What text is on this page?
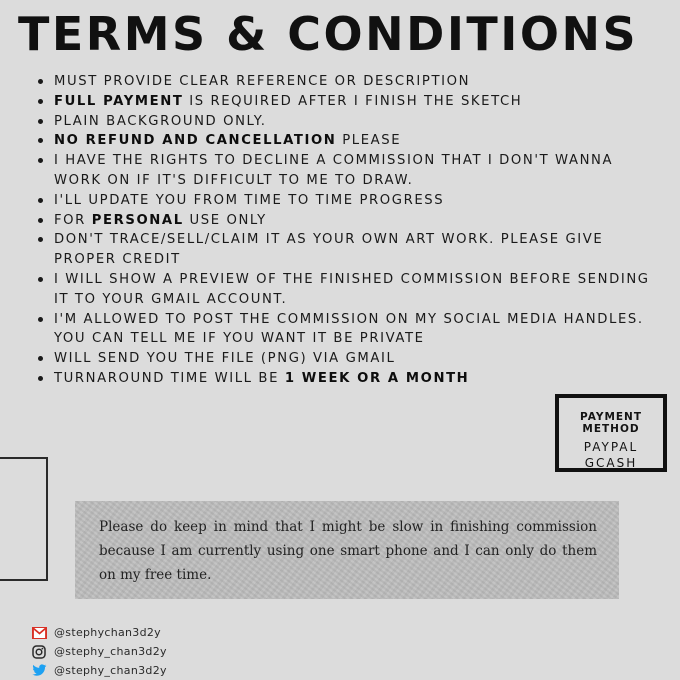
TERMS & CONDITIONS
MUST PROVIDE CLEAR REFERENCE OR DESCRIPTION
FULL PAYMENT IS REQUIRED AFTER I FINISH THE SKETCH
PLAIN BACKGROUND ONLY.
NO REFUND AND CANCELLATION PLEASE
I HAVE THE RIGHTS TO DECLINE A COMMISSION THAT I DON'T WANNA WORK ON IF IT'S DIFFICULT TO ME TO DRAW.
I'LL UPDATE YOU FROM TIME TO TIME PROGRESS
FOR PERSONAL USE ONLY
DON'T TRACE/SELL/CLAIM IT AS YOUR OWN ART WORK. PLEASE GIVE PROPER CREDIT
I WILL SHOW A PREVIEW OF THE FINISHED COMMISSION BEFORE SENDING IT TO YOUR GMAIL ACCOUNT.
I'M ALLOWED TO POST THE COMMISSION ON MY SOCIAL MEDIA HANDLES. YOU CAN TELL ME IF YOU WANT IT BE PRIVATE
WILL SEND YOU THE FILE (PNG) VIA GMAIL
TURNAROUND TIME WILL BE 1 WEEK OR A MONTH
PAYMENT METHOD
PAYPAL
GCASH

Please do keep in mind that I might be slow in finishing commission because I am currently using one smart phone and I can only do them on my free time.

@stephychan3d2y
@stephy_chan3d2y
@stephy_chan3d2y
